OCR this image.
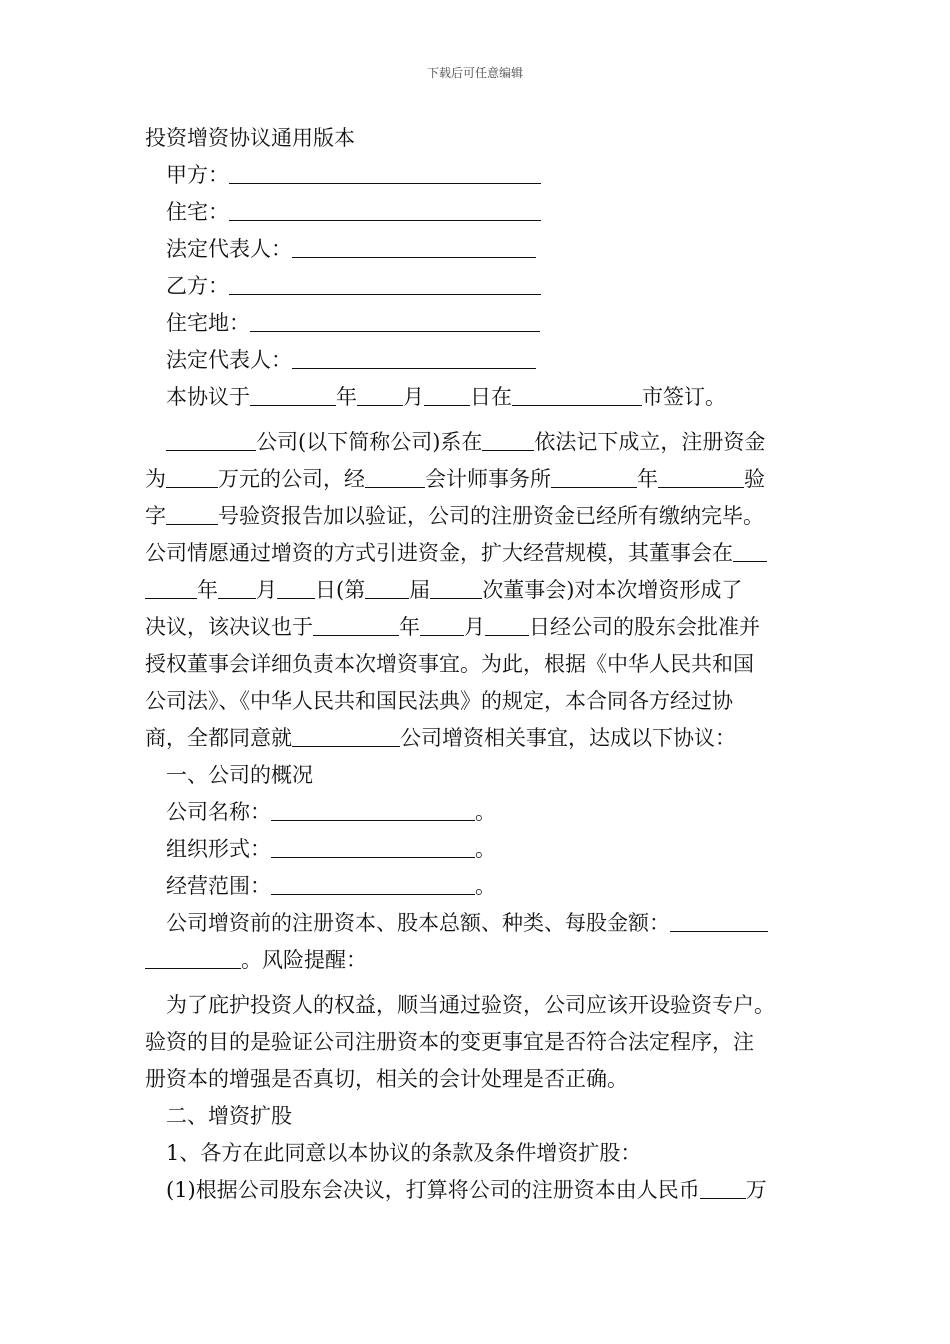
下载后可任意编辑
投资增资协议通用版本
甲方：
住宅：
法定代表人：
乙方：
住宅地：
法定代表人：
本协议于	年 月 日在	市签订。
公司(以下简称公司)系在 依法记下成立，注册资金
为 万元的公司，经	会计师事务所	年	验
字 号验资报告加以验证，公司的注册资金已经所有缴纳完毕。
公司情愿通过增资的方式引进资金，扩大经营规模，其董事会在
年 月 日(第 届 次董事会)对本次增资形成了
决议，该决议也于	年 月 日经公司的股东会批准并
授权董事会详细负责本次增资事宜。为此，根据《中华人民共和国
公司法》、《中华人民共和国民法典》的规定，本合同各方经过协
商，全都同意就	公司增资相关事宜，达成以下协议：
一、公司的概况
公司名称：	。
组织形式：	。
经营范围：	。
公司增资前的注册资本、股本总额、种类、每股金额：
。风险提醒：
为了庇护投资人的权益，顺当通过验资，公司应该开设验资专户。
验资的目的是验证公司注册资本的变更事宜是否符合法定程序，注
册资本的增强是否真切，相关的会计处理是否正确。
二、增资扩股
1、各方在此同意以本协议的条款及条件增资扩股：
(1)根据公司股东会决议，打算将公司的注册资本由人民币 万
